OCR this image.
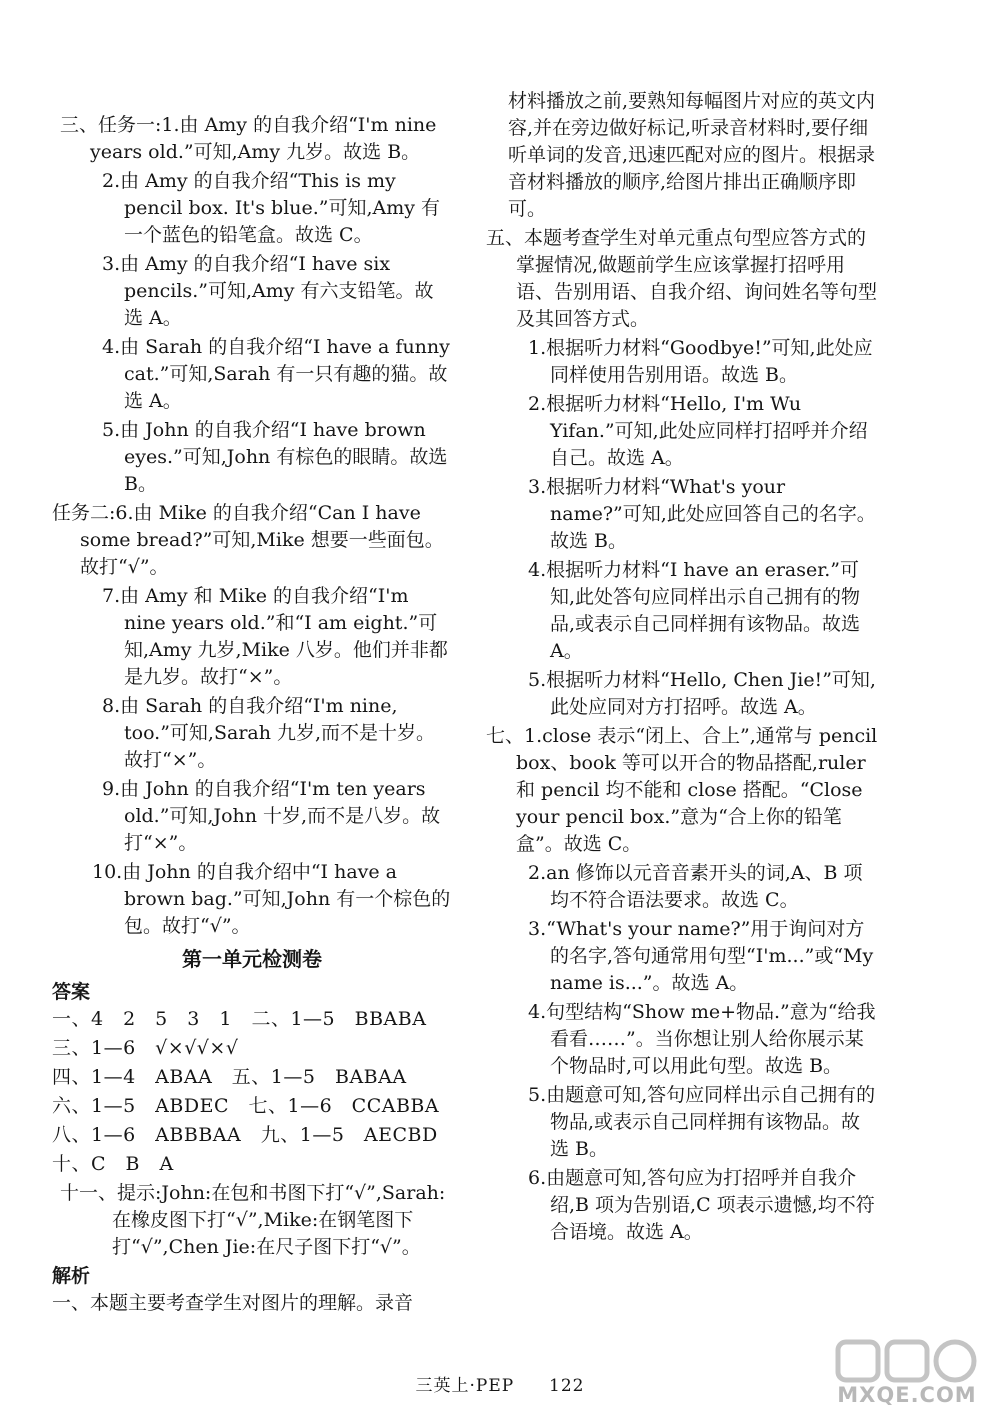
三、任务一:1.由 Amy 的自我介绍“I'm nine years old.”可知,Amy 九岁。故选 B。
2.由 Amy 的自我介绍“This is my pencil box. It's blue.”可知,Amy 有一个蓝色的铅笔盒。故选 C。
3.由 Amy 的自我介绍“I have six pencils.”可知,Amy 有六支铅笔。故选 A。
4.由 Sarah 的自我介绍“I have a funny cat.”可知,Sarah 有一只有趣的猫。故选 A。
5.由 John 的自我介绍“I have brown eyes.”可知,John 有棕色的眼睛。故选 B。
任务二:6.由 Mike 的自我介绍“Can I have some bread?”可知,Mike 想要一些面包。故打“√”。
7.由 Amy 和 Mike 的自我介绍“I'm nine years old.”和“I am eight.”可知,Amy 九岁,Mike 八岁。他们并非都是九岁。故打“×”。
8.由 Sarah 的自我介绍“I'm nine, too.”可知,Sarah 九岁,而不是十岁。故打“×”。
9.由 John 的自我介绍“I'm ten years old.”可知,John 十岁,而不是八岁。故打“×”。
10.由 John 的自我介绍中“I have a brown bag.”可知,John 有一个棕色的包。故打“√”。
第一单元检测卷
答案
一、4　2　5　3　1　二、1—5　BBABA
三、1—6　√×√√×√
四、1—4　ABAA　五、1—5　BABAA
六、1—5　ABDEC　七、1—6　CCABBA
八、1—6　ABBBAA　九、1—5　AECBD
十、C　B　A
十一、提示:John:在包和书图下打“√”,Sarah:在橡皮图下打“√”,Mike:在钢笔图下打“√”,Chen Jie:在尺子图下打“√”。
解析
一、本题主要考查学生对图片的理解。录音
材料播放之前,要熟知每幅图片对应的英文内容,并在旁边做好标记,听录音材料时,要仔细听单词的发音,迅速匹配对应的图片。根据录音材料播放的顺序,给图片排出正确顺序即可。
五、本题考查学生对单元重点句型应答方式的掌握情况,做题前学生应该掌握打招呼用语、告别用语、自我介绍、询问姓名等句型及其回答方式。
1.根据听力材料“Goodbye!”可知,此处应同样使用告别用语。故选 B。
2.根据听力材料“Hello, I'm Wu Yifan.”可知,此处应同样打招呼并介绍自己。故选 A。
3.根据听力材料“What's your name?”可知,此处应回答自己的名字。故选 B。
4.根据听力材料“I have an eraser.”可知,此处答句应同样出示自己拥有的物品,或表示自己同样拥有该物品。故选 A。
5.根据听力材料“Hello, Chen Jie!”可知,此处应同对方打招呼。故选 A。
七、1.close 表示“闭上、合上”,通常与 pencil box、book 等可以开合的物品搭配,ruler 和 pencil 均不能和 close 搭配。“Close your pencil box.”意为“合上你的铅笔盒”。故选 C。
2.an 修饰以元音音素开头的词,A、B 项均不符合语法要求。故选 C。
3.“What's your name?”用于询问对方的名字,答句通常用句型“I'm...”或“My name is...”。故选 A。
4.句型结构“Show me+物品.”意为“给我看看……”。当你想让别人给你展示某个物品时,可以用此句型。故选 B。
5.由题意可知,答句应同样出示自己拥有的物品,或表示自己同样拥有该物品。故选 B。
6.由题意可知,答句应为打招呼并自我介绍,B 项为告别语,C 项表示遗憾,均不符合语境。故选 A。
三英上·PEP 122	MXQE.COM
